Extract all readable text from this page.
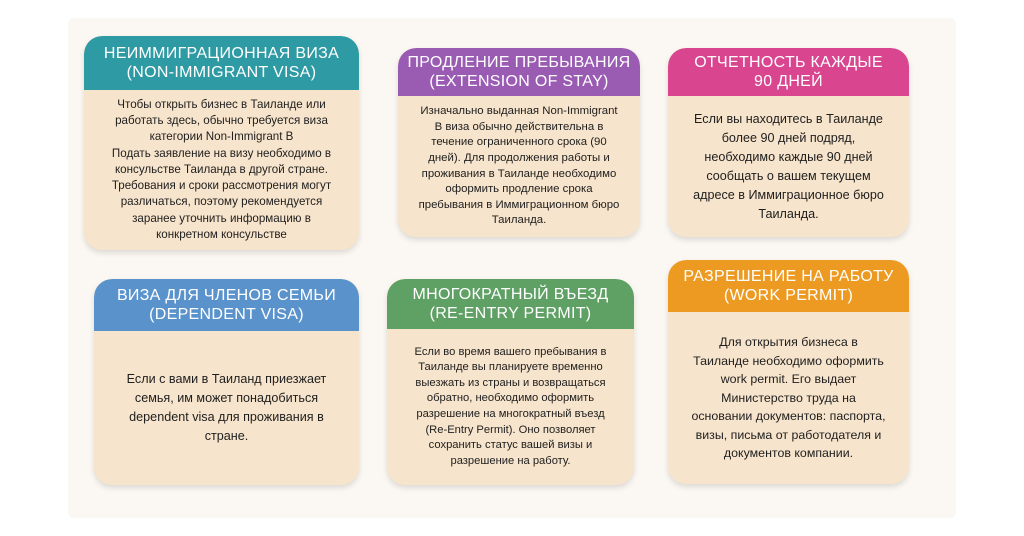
НЕИММИГРАЦИОННАЯ ВИЗА
(NON-IMMIGRANT VISA)
Чтобы открыть бизнес в Таиланде или
работать здесь, обычно требуется виза
категории Non-Immigrant B
Подать заявление на визу необходимо в
консульстве Таиланда в другой стране.
Требования и сроки рассмотрения могут
различаться, поэтому рекомендуется
заранее уточнить информацию в
конкретном консульстве
ПРОДЛЕНИЕ ПРЕБЫВАНИЯ
(EXTENSION OF STAY)
Изначально выданная Non-Immigrant
B виза обычно действительна в
течение ограниченного срока (90
дней). Для продолжения работы и
проживания в Таиланде необходимо
оформить продление срока
пребывания в Иммиграционном бюро
Таиланда.
ОТЧЕТНОСТЬ КАЖДЫЕ
90 ДНЕЙ
Если вы находитесь в Таиланде
более 90 дней подряд,
необходимо каждые 90 дней
сообщать о вашем текущем
адресе в Иммиграционное бюро
Таиланда.
ВИЗА ДЛЯ ЧЛЕНОВ СЕМЬИ
(DEPENDENT VISA)
Если с вами в Таиланд приезжает
семья, им может понадобиться
dependent visa для проживания в
стране.
МНОГОКРАТНЫЙ ВЪЕЗД
(RE-ENTRY PERMIT)
Если во время вашего пребывания в
Таиланде вы планируете временно
выезжать из страны и возвращаться
обратно, необходимо оформить
разрешение на многократный въезд
(Re-Entry Permit). Оно позволяет
сохранить статус вашей визы и
разрешение на работу.
РАЗРЕШЕНИЕ НА РАБОТУ
(WORK PERMIT)
Для открытия бизнеса в
Таиланде необходимо оформить
work permit. Его выдает
Министерство труда на
основании документов: паспорта,
визы, письма от работодателя и
документов компании.
